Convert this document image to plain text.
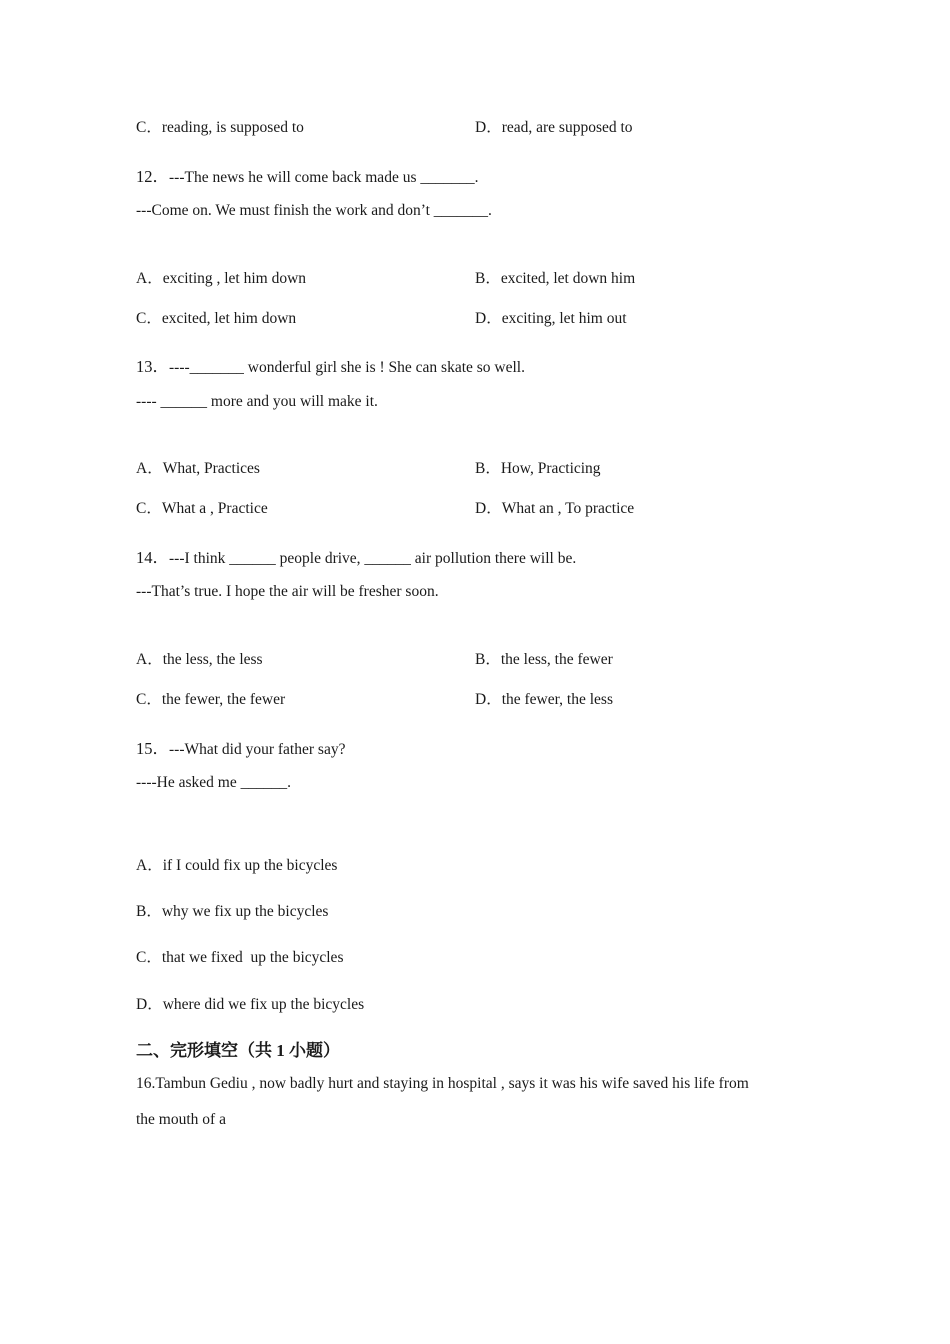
C．reading, is supposed to	D．read, are supposed to
12．---The news he will come back made us _______.
---Come on. We must finish the work and don’t _______.
A．exciting , let him down	B．excited, let down him
C．excited, let him down	D．exciting, let him out
13．----_______ wonderful girl she is ! She can skate so well.
---- ______ more and you will make it.
A．What, Practices	B．How, Practicing
C．What a , Practice	D．What an , To practice
14．---I think ______ people drive, ______ air pollution there will be.
---That’s true. I hope the air will be fresher soon.
A．the less, the less	B．the less, the fewer
C．the fewer, the fewer	D．the fewer, the less
15．---What did your father say?
----He asked me ______.
A．if I could fix up the bicycles
B．why we fix up the bicycles
C．that we fixed  up the bicycles
D．where did we fix up the bicycles
二、完形填空（共 1 小题）
16.Tambun Gediu , now badly hurt and staying in hospital , says it was his wife saved his life from
the mouth of a
